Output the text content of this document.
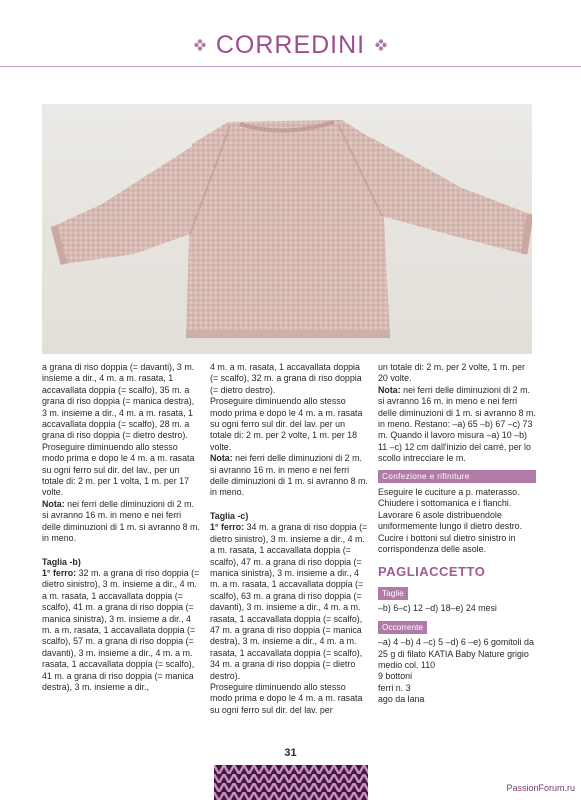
CORREDINI

a grana di riso doppia (= davanti), 3 m. insieme a dir., 4 m. a m. rasata, 1 accavallata doppia (= scalfo), 35 m. a grana di riso doppia (= manica destra), 3 m. insieme a dir., 4 m. a m. rasata, 1 accavallata doppia (= scalfo), 28 m. a grana di riso doppia (= dietro destro).

Proseguire diminuendo allo stesso modo prima e dopo le 4 m. a m. rasata su ogni ferro sul dir. del lav., per un totale di: 2 m. per 1 volta, 1 m. per 17 volte.

Nota: nei ferri delle diminuzioni di 2 m. si avranno 16 m. in meno e nei ferri delle diminuzioni di 1 m. si avranno 8 m. in meno.

Taglia -b)

1° ferro: 32 m. a grana di riso doppia (= dietro sinistro), 3 m. insieme a dir., 4 m. a m. rasata, 1 accavallata doppia (= scalfo), 41 m. a grana di riso doppia (= manica sinistra), 3 m. insieme a dir., 4 m. a m. rasata, 1 accavallata doppia (= scalfo), 57 m. a grana di riso doppia (= davanti), 3 m. insieme a dir., 4 m. a m. rasata, 1 accavallata doppia (= scalfo), 41 m. a grana di riso doppia (= manica destra), 3 m. insieme a dir.,

4 m. a m. rasata, 1 accavallata doppia (= scalfo), 32 m. a grana di riso doppia (= dietro destro).

Proseguire diminuendo allo stesso modo prima e dopo le 4 m. a m. rasata su ogni ferro sul dir. del lav. per un totale di: 2 m. per 2 volte, 1 m. per 18 volte.

Nota: nei ferri delle diminuzioni di 2 m. si avranno 16 m. in meno e nei ferri delle diminuzioni di 1 m. si avranno 8 m. in meno.

Taglia -c)

1° ferro: 34 m. a grana di riso doppia (= dietro sinistro), 3 m. insieme a dir., 4 m. a m. rasata, 1 accavallata doppia (= scalfo), 47 m. a grana di riso doppia (= manica sinistra), 3 m. insieme a dir., 4 m. a m. rasata, 1 accavallata doppia (= scalfo), 63 m. a grana di riso doppia (= davanti), 3 m. insieme a dir., 4 m. a m. rasata, 1 accavallata doppia (= scalfo), 47 m. a grana di riso doppia (= manica destra), 3 m. insieme a dir., 4 m. a m. rasata, 1 accavallata doppia (= scalfo), 34 m. a grana di riso doppia (= dietro destro).

Proseguire diminuendo allo stesso modo prima e dopo le 4 m. a m. rasata su ogni ferro sul dir. del lav. per

un totale di: 2 m. per 2 volte, 1 m. per 20 volte.

Nota: nei ferri delle diminuzioni di 2 m. si avranno 16 m. in meno e nei ferri delle diminuzioni di 1 m. si avranno 8 m. in meno. Restano: –a) 65 –b) 67 –c) 73 m. Quando il lavoro misura –a) 10 –b) 11 –c) 12 cm dall'inizio del carré, per lo scollo intrecciare le m.

Confezione e rifiniture

Eseguire le cuciture a p. materasso. Chiudere i sottomanica e i fianchi.

Lavorare 6 asole distribuendole uniformemente lungo il dietro destro.

Cucire i bottoni sul dietro sinistro in corrispondenza delle asole.

PAGLIACCETTO

Taglie

–b) 6–c) 12 –d) 18–e) 24 mesi

Occorrente

–a) 4 –b) 4 –c) 5 –d) 6 –e) 6 gomitoli da 25 g di filato KATIA Baby Nature grigio medio col. 110

9 bottoni

ferri n. 3

ago da lana

31
PassionForum.ru
